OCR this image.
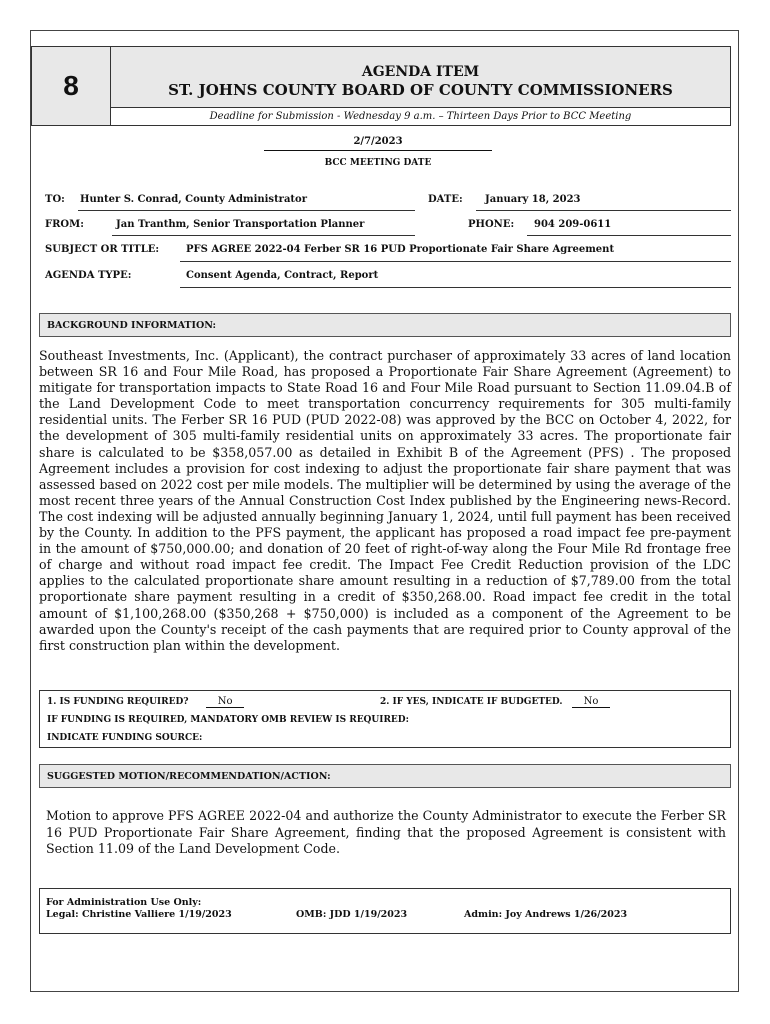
8	AGENDA ITEM
ST. JOHNS COUNTY BOARD OF COUNTY COMMISSIONERS
Deadline for Submission - Wednesday 9 a.m. – Thirteen Days Prior to BCC Meeting
2/7/2023
BCC MEETING DATE
TO: Hunter S. Conrad, County Administrator	DATE: January 18, 2023
FROM:	Jan Tranthm, Senior Transportation Planner	PHONE: 904 209-0611
SUBJECT OR TITLE:	PFS AGREE 2022-04 Ferber SR 16 PUD Proportionate Fair Share Agreement
AGENDA TYPE:	Consent Agenda, Contract, Report
BACKGROUND INFORMATION:
Southeast Investments, Inc. (Applicant), the contract purchaser of approximately 33 acres of land location between SR 16 and Four Mile Road, has proposed a Proportionate Fair Share Agreement (Agreement) to mitigate for transportation impacts to State Road 16 and Four Mile Road pursuant to Section 11.09.04.B of the Land Development Code to meet transportation concurrency requirements for 305 multi-family residential units. The Ferber SR 16 PUD (PUD 2022-08) was approved by the BCC on October 4, 2022, for the development of 305 multi-family residential units on approximately 33 acres. The proportionate fair share is calculated to be $358,057.00 as detailed in Exhibit B of the Agreement (PFS) . The proposed Agreement includes a provision for cost indexing to adjust the proportionate fair share payment that was assessed based on 2022 cost per mile models. The multiplier will be determined by using the average of the most recent three years of the Annual Construction Cost Index published by the Engineering news-Record. The cost indexing will be adjusted annually beginning January 1, 2024, until full payment has been received by the County. In addition to the PFS payment, the applicant has proposed a road impact fee pre-payment in the amount of $750,000.00; and donation of 20 feet of right-of-way along the Four Mile Rd frontage free of charge and without road impact fee credit. The Impact Fee Credit Reduction provision of the LDC applies to the calculated proportionate share amount resulting in a reduction of $7,789.00 from the total proportionate share payment resulting in a credit of $350,268.00. Road impact fee credit in the total amount of $1,100,268.00 ($350,268 + $750,000) is included as a component of the Agreement to be awarded upon the County's receipt of the cash payments that are required prior to County approval of the first construction plan within the development.
1. IS FUNDING REQUIRED?	No	2. IF YES, INDICATE IF BUDGETED. No
IF FUNDING IS REQUIRED, MANDATORY OMB REVIEW IS REQUIRED:
INDICATE FUNDING SOURCE:
SUGGESTED MOTION/RECOMMENDATION/ACTION:
Motion to approve PFS AGREE 2022-04 and authorize the County Administrator to execute the Ferber SR 16 PUD Proportionate Fair Share Agreement, finding that the proposed Agreement is consistent with Section 11.09 of the Land Development Code.
For Administration Use Only:
Legal: Christine Valliere 1/19/2023	OMB: JDD 1/19/2023	Admin: Joy Andrews 1/26/2023
